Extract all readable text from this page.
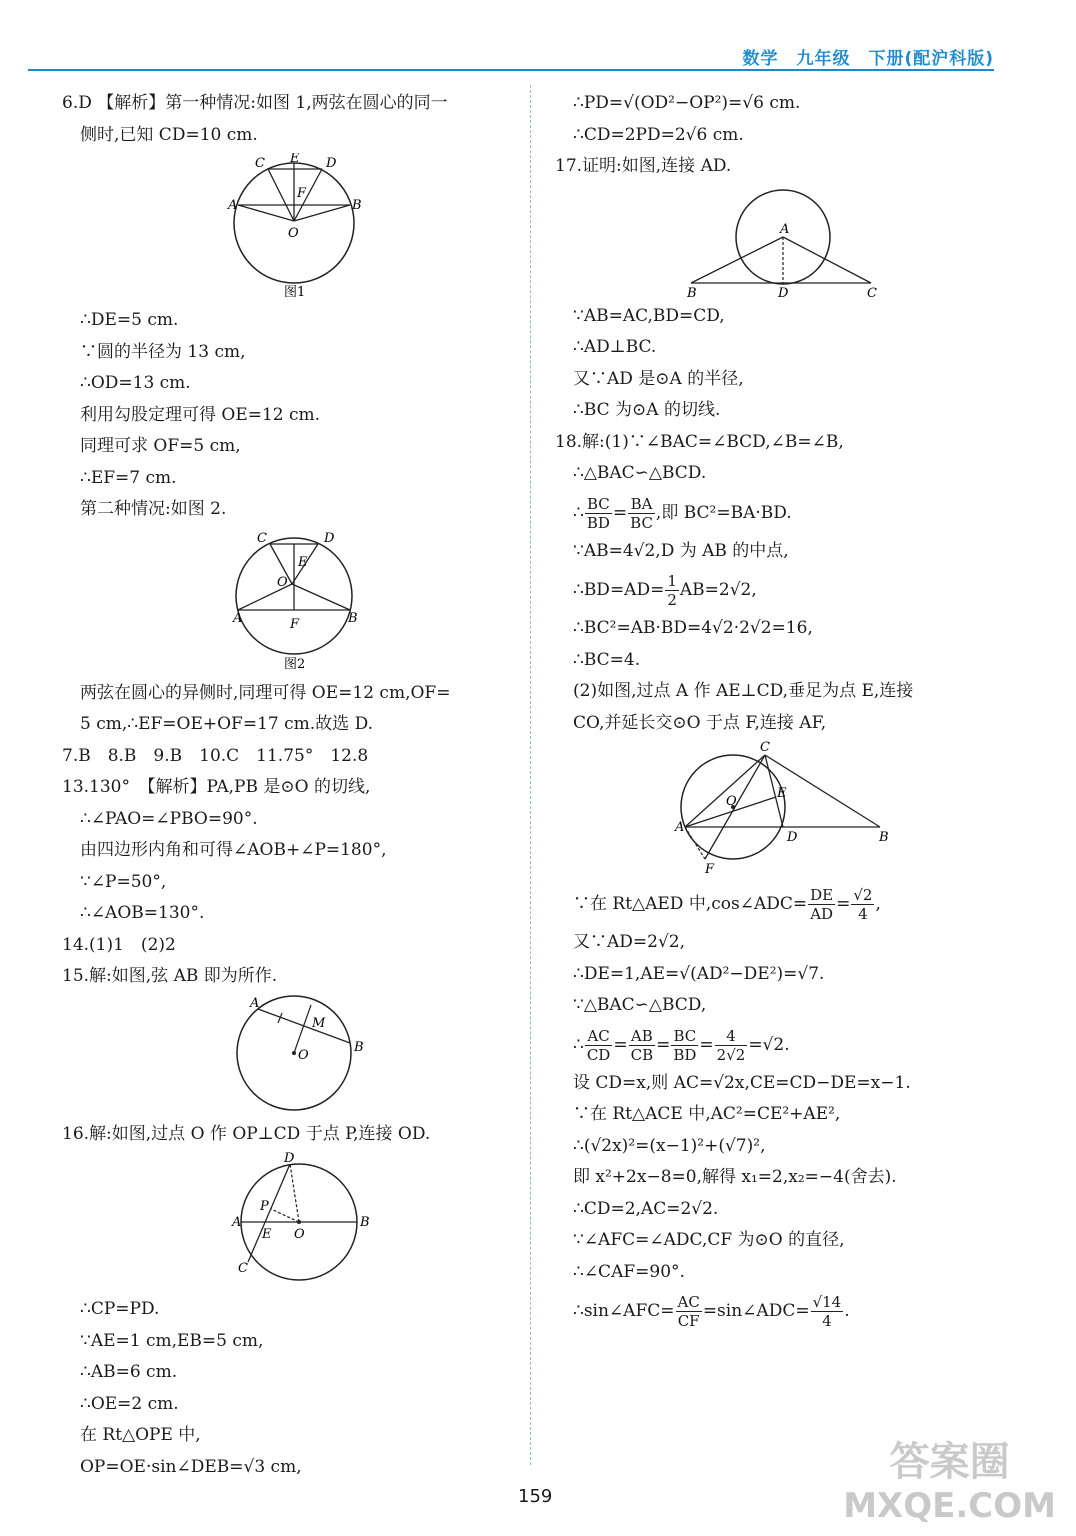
数学　九年级　下册(配沪科版)
6.D 【解析】第一种情况:如图 1,两弦在圆心的同一
侧时,已知 CD=10 cm.
C E D
A
F
B
O
图1
∴DE=5 cm.
∵圆的半径为 13 cm,
∴OD=13 cm.
利用勾股定理可得 OE=12 cm.
同理可求 OF=5 cm,
∴EF=7 cm.
第二种情况:如图 2.
C	D
E
O
A	F	B
图2
两弦在圆心的异侧时,同理可得 OE=12 cm,OF=
5 cm,∴EF=OE+OF=17 cm.故选 D.
7.B　8.B　9.B　10.C　11.75°　12.8
13.130°　【解析】PA,PB 是⊙O 的切线,
∴∠PAO=∠PBO=90°.
由四边形内角和可得∠AOB+∠P=180°,
∵∠P=50°,
∴∠AOB=130°.
14.(1)1　(2)2
15.解:如图,弦 AB 即为所作.
A
M
O
B
16.解:如图,过点 O 作 OP⊥CD 于点 P,连接 OD.
D
P
A
E O
B
C
∴CP=PD.
∵AE=1 cm,EB=5 cm,
∴AB=6 cm.
∴OE=2 cm.
在 Rt△OPE 中,
OP=OE·sin∠DEB=√3 cm,
∴PD=√(OD²−OP²)=√6 cm.
∴CD=2PD=2√6 cm.
17.证明:如图,连接 AD.
A
B	D	C
∵AB=AC,BD=CD,
∴AD⊥BC.
又∵AD 是⊙A 的半径,
∴BC 为⊙A 的切线.
18.解:(1)∵∠BAC=∠BCD,∠B=∠B,
∴△BAC∽△BCD.
∴ $\frac{BC}{BD} = \frac{BA}{BC}$ ,即 BC²=BA·BD.
∵AB=4√2,D 为 AB 的中点,
∴BD=AD= $\frac{1}{2} AB=2√2$,
∴BC²=AB·BD=4√2·2√2=16,
∴BC=4.
(2)如图,过点 A 作 AE⊥CD,垂足为点 E,连接
CO,并延长交⊙O 于点 F,连接 AF,
C
E
O
A
D	B
F
∵在 Rt△AED 中,cos∠ADC= $\frac{DE}{AD} = \frac{√2}{4}$ ,
又∵AD=2√2,
∴DE=1,AE=√(AD²−DE²)=√7.
∵△BAC∽△BCD,
∴ $\frac{AC}{CD} = \frac{AB}{CB} = \frac{BC}{BD} = \frac{4}{2√2} =√2$.
设 CD=x,则 AC=√2x,CE=CD−DE=x−1.
∵在 Rt△ACE 中,AC²=CE²+AE²,
∴(√2x)²=(x−1)²+(√7)²,
即 x²+2x−8=0,解得 x₁=2,x₂=−4(舍去).
∴CD=2,AC=2√2.
∵∠AFC=∠ADC,CF 为⊙O 的直径,
∴∠CAF=90°.
∴sin∠AFC= $\frac{AC}{CF}$ =sin∠ADC= $\frac{√14}{4}$ .
159
答案圈
MXQE.COM
